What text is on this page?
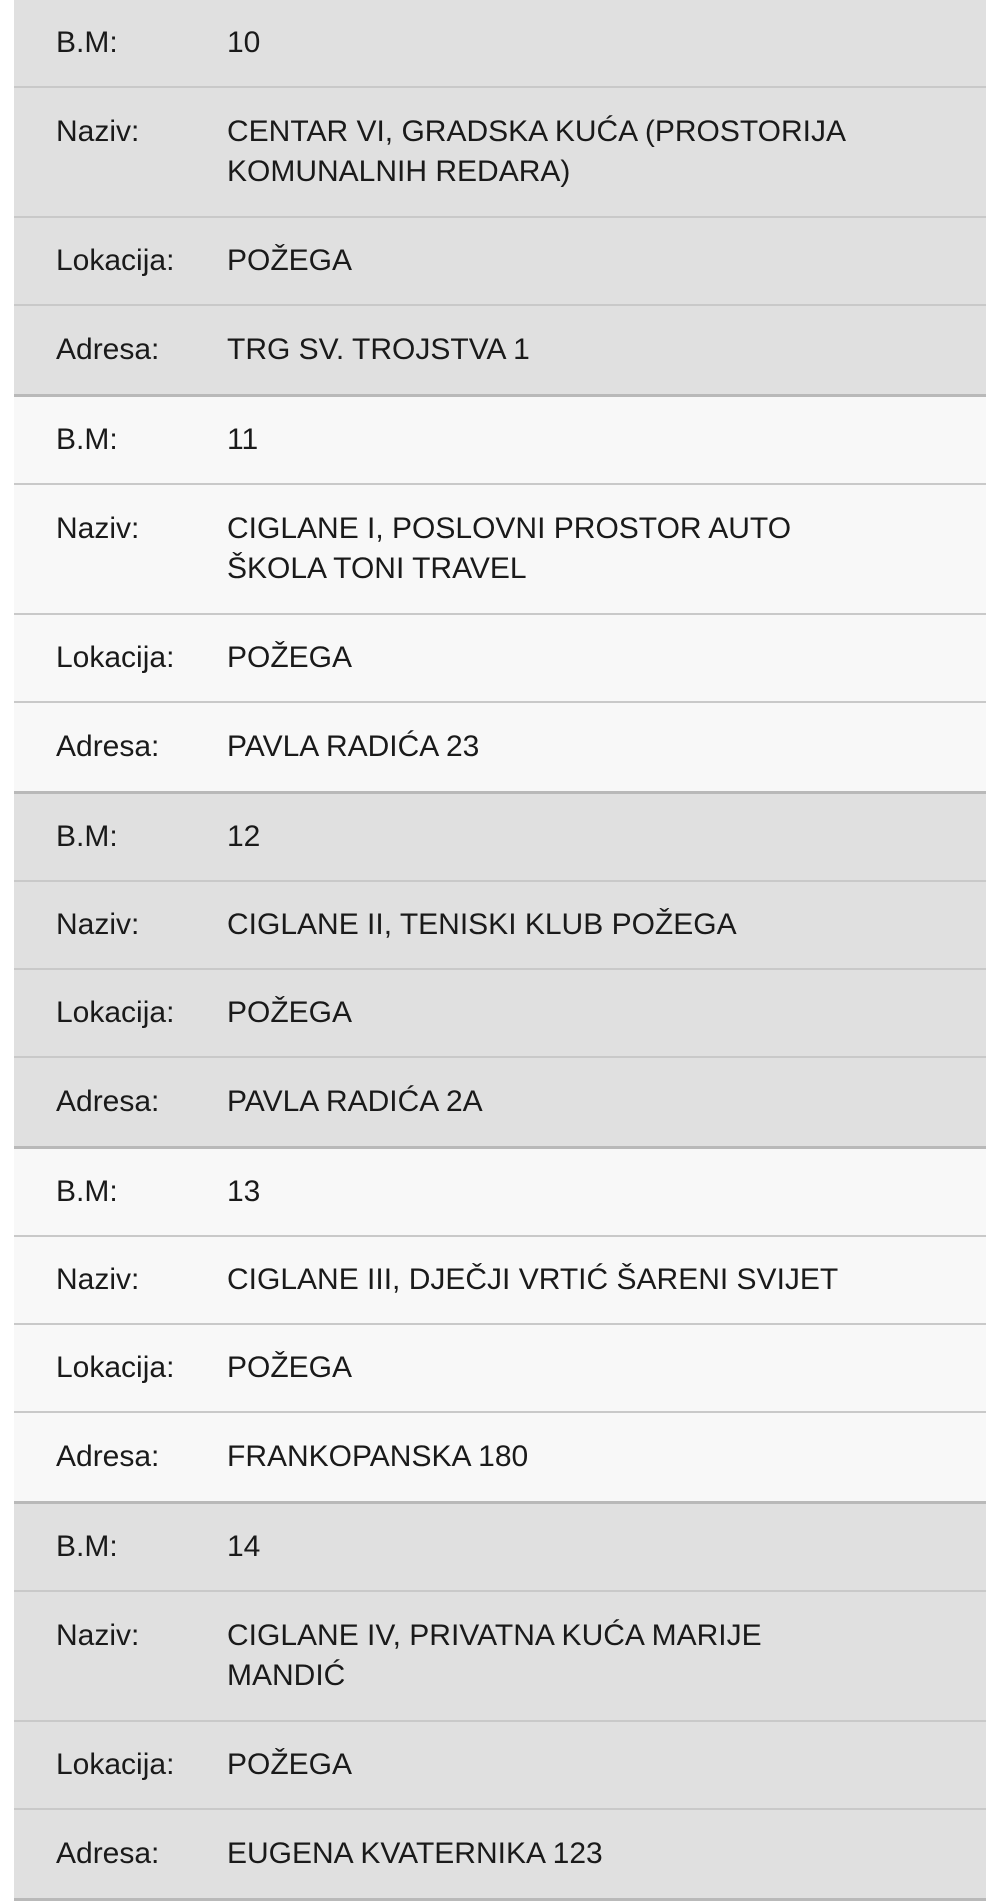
B.M:	10
Naziv:	CENTAR VI, GRADSKA KUĆA (PROSTORIJA
KOMUNALNIH REDARA)
Lokacija:	POŽEGA
Adresa:	TRG SV. TROJSTVA 1
B.M:	11
Naziv:	CIGLANE I, POSLOVNI PROSTOR AUTO
ŠKOLA TONI TRAVEL
Lokacija:	POŽEGA
Adresa:	PAVLA RADIĆA 23
B.M:	12
Naziv:	CIGLANE II, TENISKI KLUB POŽEGA
Lokacija:	POŽEGA
Adresa:	PAVLA RADIĆA 2A
B.M:	13
Naziv:	CIGLANE III, DJEČJI VRTIĆ ŠARENI SVIJET
Lokacija:	POŽEGA
Adresa:	FRANKOPANSKA 180
B.M:	14
Naziv:	CIGLANE IV, PRIVATNA KUĆA MARIJE
MANDIĆ
Lokacija:	POŽEGA
Adresa:	EUGENA KVATERNIKA 123
